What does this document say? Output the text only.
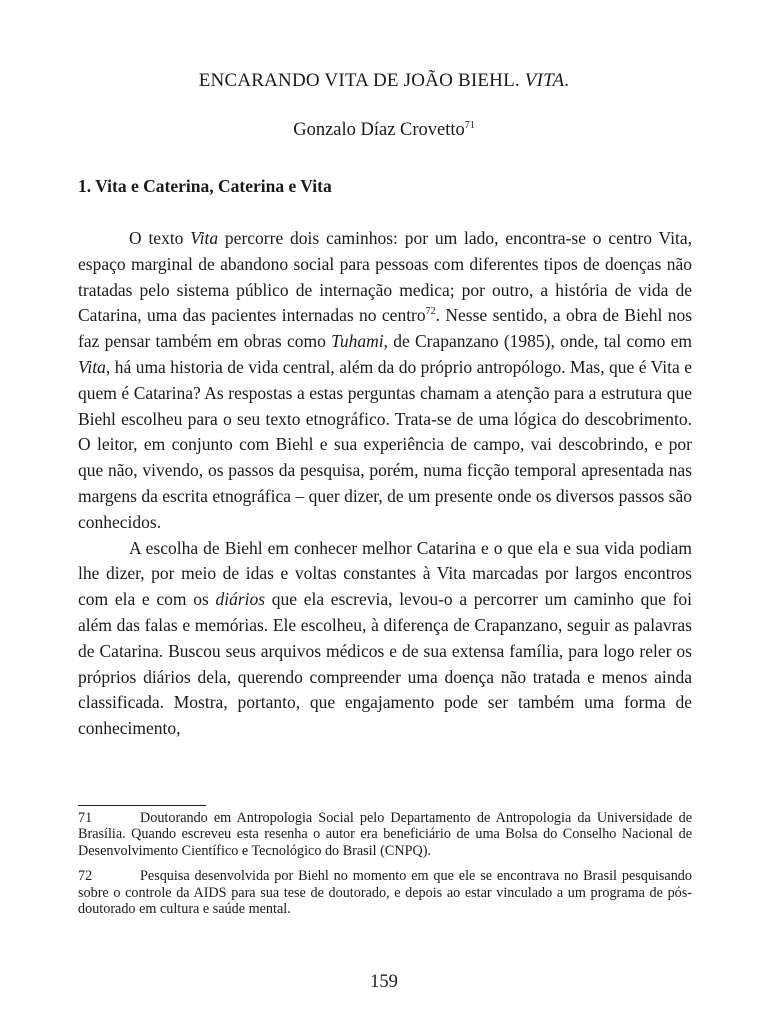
ENCARANDO VITA DE JOÃO BIEHL. VITA.
Gonzalo Díaz Crovetto$^{71}$
1. Vita e Caterina, Caterina e Vita

O texto Vita percorre dois caminhos: por um lado, encontra-se o centro Vita, espaço marginal de abandono social para pessoas com diferentes tipos de doenças não tratadas pelo sistema público de internação medica; por outro, a história de vida de Catarina, uma das pacientes internadas no centro$^{72}$. Nesse sentido, a obra de Biehl nos faz pensar também em obras como Tuhami, de Crapanzano (1985), onde, tal como em Vita, há uma historia de vida central, além da do próprio antropólogo. Mas, que é Vita e quem é Catarina? As respostas a estas perguntas chamam a atenção para a estrutura que Biehl escolheu para o seu texto etnográfico. Trata-se de uma lógica do descobrimento. O leitor, em conjunto com Biehl e sua experiência de campo, vai descobrindo, e por que não, vivendo, os passos da pesquisa, porém, numa ficção temporal apresentada nas margens da escrita etnográfica – quer dizer, de um presente onde os diversos passos são conhecidos.

A escolha de Biehl em conhecer melhor Catarina e o que ela e sua vida podiam lhe dizer, por meio de idas e voltas constantes à Vita marcadas por largos encontros com ela e com os diários que ela escrevia, levou-o a percorrer um caminho que foi além das falas e memórias. Ele escolheu, à diferença de Crapanzano, seguir as palavras de Catarina. Buscou seus arquivos médicos e de sua extensa família, para logo reler os próprios diários dela, querendo compreender uma doença não tratada e menos ainda classificada. Mostra, portanto, que engajamento pode ser também uma forma de conhecimento,

71	Doutorando em Antropologia Social pelo Departamento de Antropologia da Universidade de Brasília. Quando escreveu esta resenha o autor era beneficiário de uma Bolsa do Conselho Nacional de Desenvolvimento Científico e Tecnológico do Brasil (CNPQ).

72	Pesquisa desenvolvida por Biehl no momento em que ele se encontrava no Brasil pesquisando sobre o controle da AIDS para sua tese de doutorado, e depois ao estar vinculado a um programa de pós-doutorado em cultura e saúde mental.

159
